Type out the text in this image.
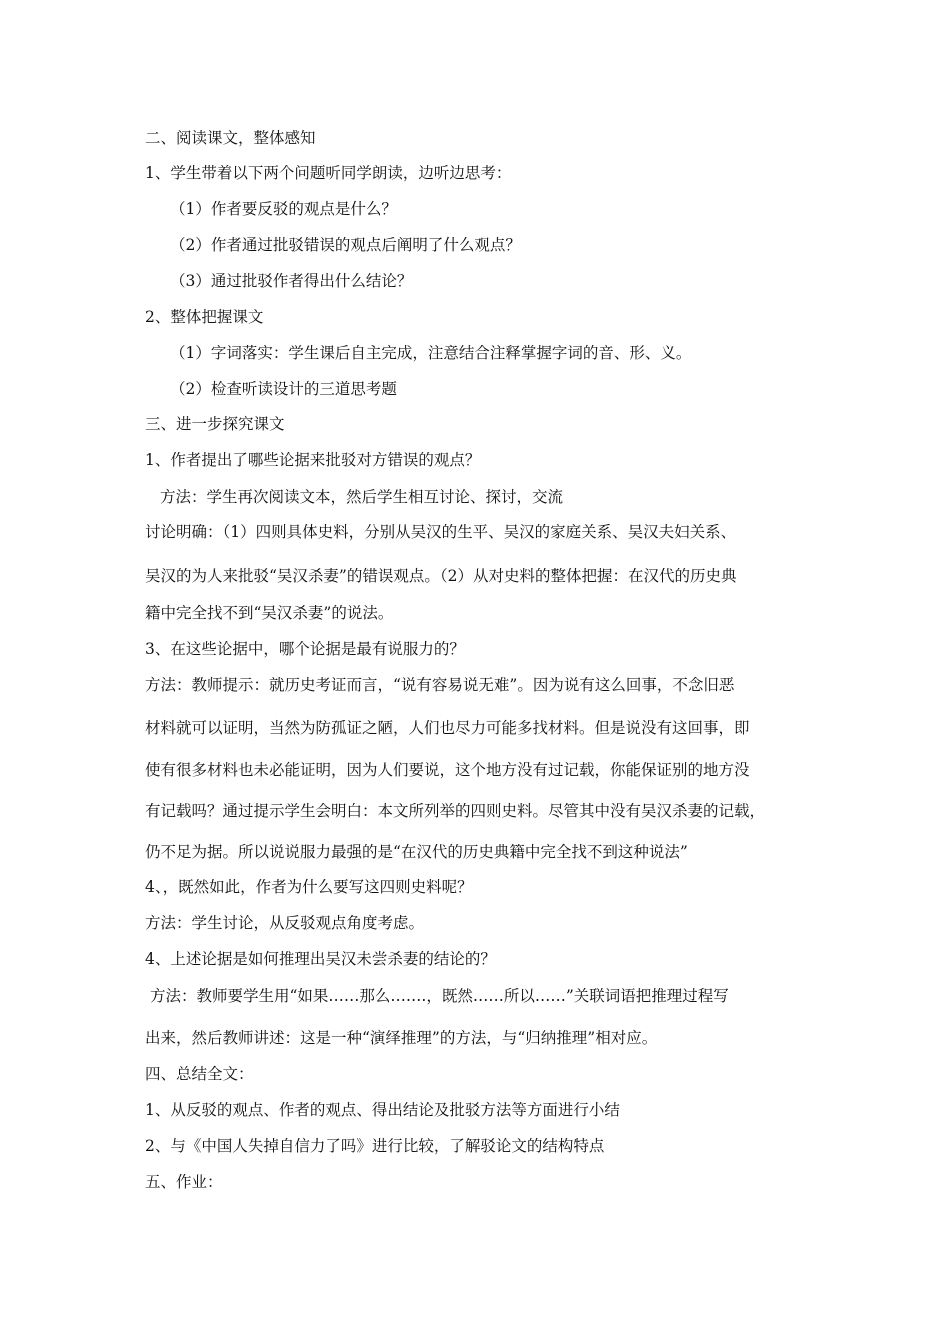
二、阅读课文，整体感知
1、学生带着以下两个问题听同学朗读，边听边思考：
（1）作者要反驳的观点是什么？
（2）作者通过批驳错误的观点后阐明了什么观点？
（3）通过批驳作者得出什么结论？
2、整体把握课文
（1）字词落实：学生课后自主完成，注意结合注释掌握字词的音、形、义。
（2）检查听读设计的三道思考题
三、进一步探究课文
1、作者提出了哪些论据来批驳对方错误的观点？
方法：学生再次阅读文本，然后学生相互讨论、探讨，交流
讨论明确：（1）四则具体史料，分别从吴汉的生平、吴汉的家庭关系、吴汉夫妇关系、
吴汉的为人来批驳“吴汉杀妻”的错误观点。（2）从对史料的整体把握：在汉代的历史典
籍中完全找不到“吴汉杀妻”的说法。
3、在这些论据中，哪个论据是最有说服力的？
方法：教师提示：就历史考证而言，“说有容易说无难”。因为说有这么回事，不念旧恶
材料就可以证明，当然为防孤证之陋，人们也尽力可能多找材料。但是说没有这回事，即
使有很多材料也未必能证明，因为人们要说，这个地方没有过记载，你能保证别的地方没
有记载吗？通过提示学生会明白：本文所列举的四则史料。尽管其中没有吴汉杀妻的记载，
仍不足为据。所以说说服力最强的是“在汉代的历史典籍中完全找不到这种说法”
4、，既然如此，作者为什么要写这四则史料呢？
方法：学生讨论，从反驳观点角度考虑。
4、上述论据是如何推理出吴汉未尝杀妻的结论的？
方法：教师要学生用“如果……那么…….，既然……所以……”关联词语把推理过程写
出来，然后教师讲述：这是一种“演绎推理”的方法，与“归纳推理”相对应。
四、总结全文：
1、从反驳的观点、作者的观点、得出结论及批驳方法等方面进行小结
2、与《中国人失掉自信力了吗》进行比较，了解驳论文的结构特点
五、作业：
